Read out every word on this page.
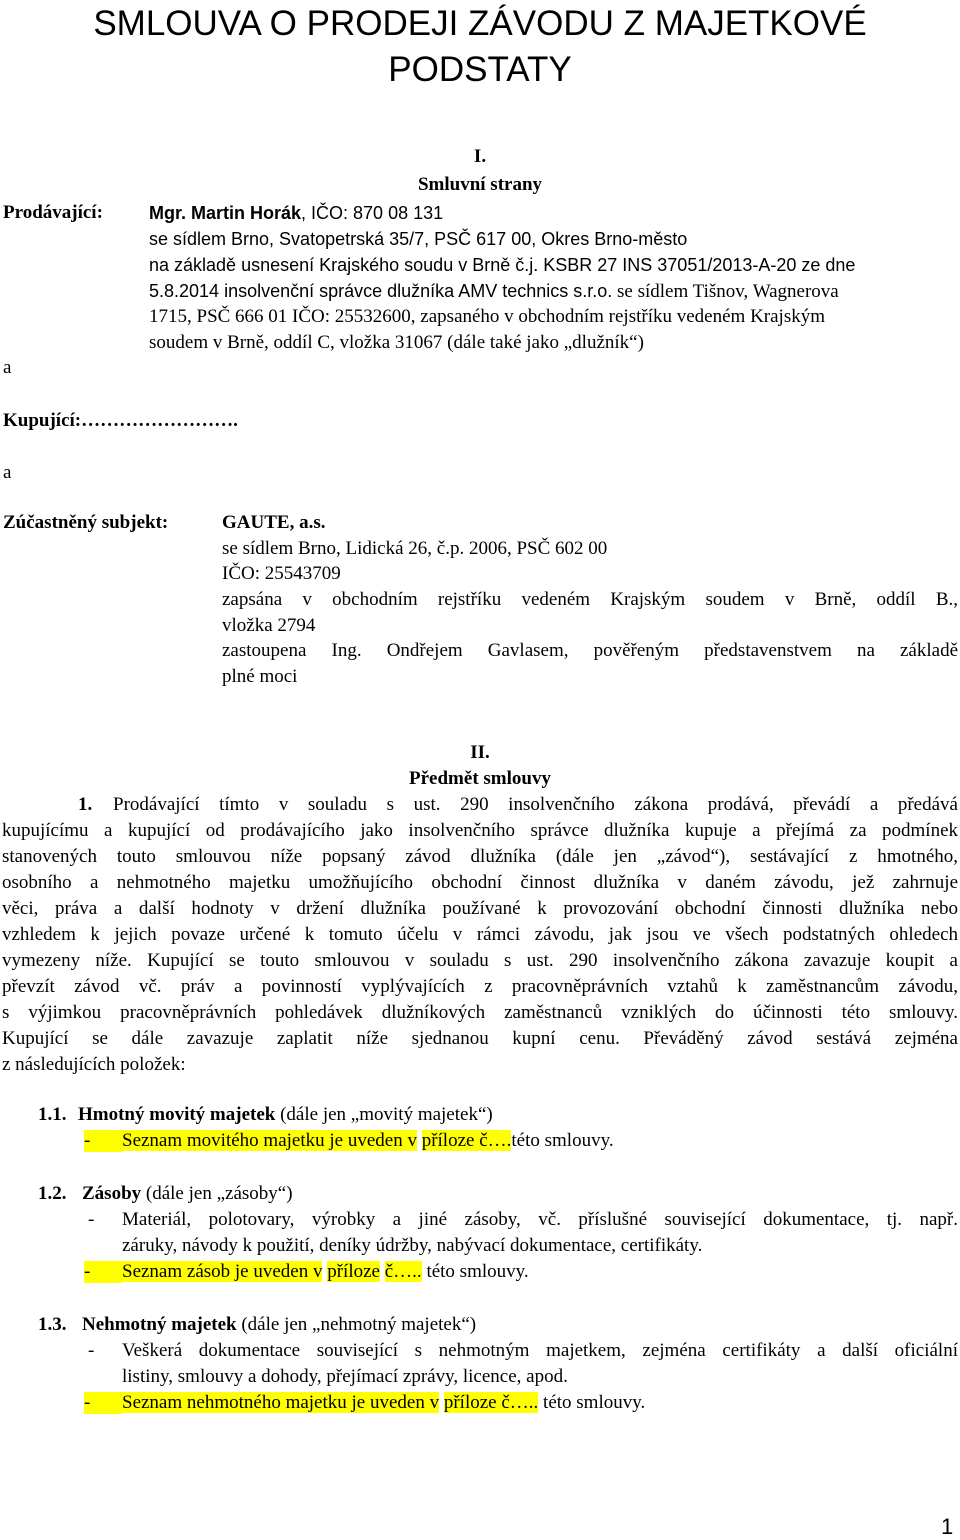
SMLOUVA O PRODEJI ZÁVODU Z MAJETKOVÉ
PODSTATY
I.
Smluvní strany
Prodávající:	Mgr. Martin Horák, IČO: 870 08 131
se sídlem Brno, Svatopetrská 35/7, PSČ 617 00, Okres Brno-město
na základě usnesení Krajského soudu v Brně č.j. KSBR 27 INS 37051/2013-A-20 ze dne
5.8.2014 insolvenční správce dlužníka AMV technics s.r.o. se sídlem Tišnov, Wagnerova
1715, PSČ 666 01 IČO: 25532600, zapsaného v obchodním rejstříku vedeném Krajským
soudem v Brně, oddíl C, vložka 31067 (dále také jako „dlužník“)
a
Kupující:…………………….
a
Zúčastněný subjekt:	GAUTE, a.s.
se sídlem Brno, Lidická 26, č.p. 2006, PSČ 602 00
IČO: 25543709
zapsána v obchodním rejstříku vedeném Krajským soudem v Brně, oddíl B.,
vložka 2794
zastoupena Ing. Ondřejem Gavlasem, pověřeným představenstvem na základě
plné moci
II.
Předmět smlouvy
1. Prodávající tímto v souladu s ust. 290 insolvenčního zákona prodává, převádí a předává
kupujícímu a kupující od prodávajícího jako insolvenčního správce dlužníka kupuje a přejímá za podmínek
stanovených touto smlouvou níže popsaný závod dlužníka (dále jen „závod“), sestávající z hmotného,
osobního a nehmotného majetku umožňujícího obchodní činnost dlužníka v daném závodu, jež zahrnuje
věci, práva a další hodnoty v držení dlužníka používané k provozování obchodní činnosti dlužníka nebo
vzhledem k jejich povaze určené k tomuto účelu v rámci závodu, jak jsou ve všech podstatných ohledech
vymezeny níže. Kupující se touto smlouvou v souladu s ust. 290 insolvenčního zákona zavazuje koupit a
převzít závod vč. práv a povinností vyplývajících z pracovněprávních vztahů k zaměstnancům závodu,
s výjimkou pracovněprávních pohledávek dlužníkových zaměstnanců vzniklých do účinnosti této smlouvy.
Kupující se dále zavazuje zaplatit níže sjednanou kupní cenu. Převáděný závod sestává zejména
z následujících položek:
1.1. Hmotný movitý majetek (dále jen „movitý majetek“)
- Seznam movitého majetku je uveden v příloze č….této smlouvy.
1.2. Zásoby (dále jen „zásoby“)
- Materiál, polotovary, výrobky a jiné zásoby, vč. příslušné související dokumentace, tj. např.
záruky, návody k použití, deníky údržby, nabývací dokumentace, certifikáty.
- Seznam zásob je uveden v příloze č….. této smlouvy.
1.3. Nehmotný majetek (dále jen „nehmotný majetek“)
- Veškerá dokumentace související s nehmotným majetkem, zejména certifikáty a další oficiální
listiny, smlouvy a dohody, přejímací zprávy, licence, apod.
- Seznam nehmotného majetku je uveden v příloze č….. této smlouvy.
1
